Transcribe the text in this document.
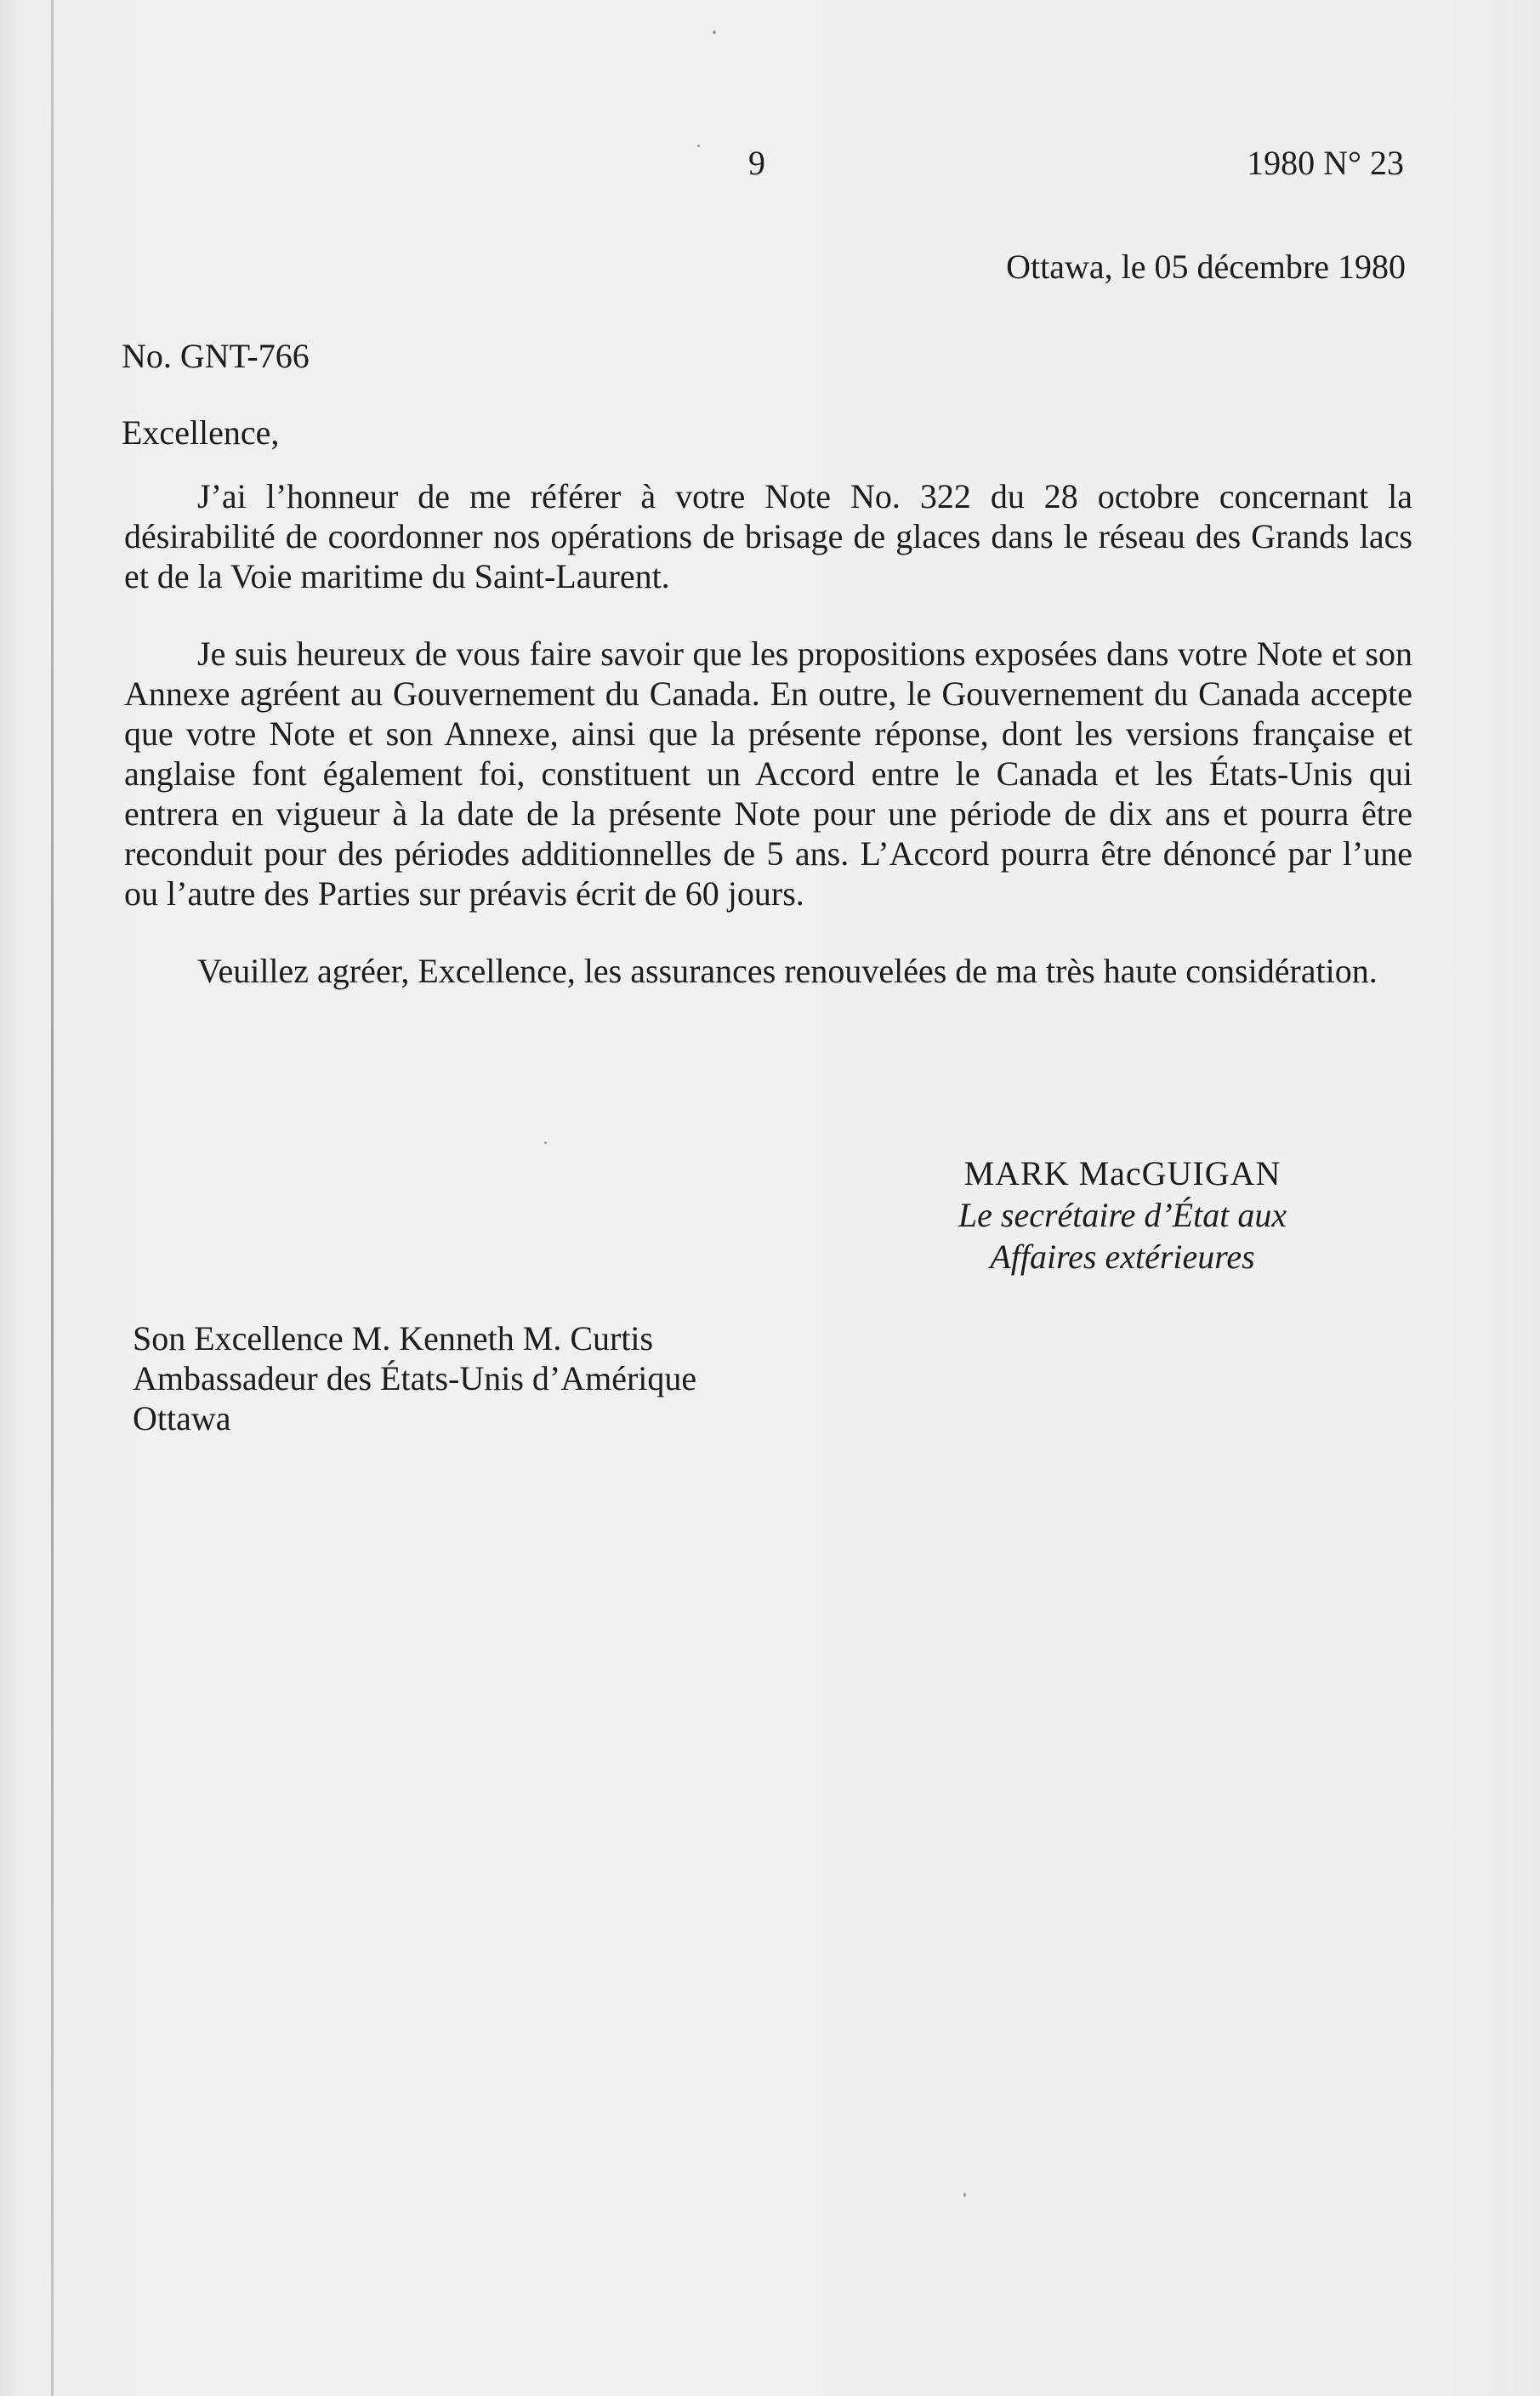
9	1980 N° 23
Ottawa, le 05 décembre 1980
No. GNT-766
Excellence,

J’ai l’honneur de me référer à votre Note No. 322 du 28 octobre concernant la désirabilité de coordonner nos opérations de brisage de glaces dans le réseau des Grands lacs et de la Voie maritime du Saint-Laurent.

Je suis heureux de vous faire savoir que les propositions exposées dans votre Note et son Annexe agréent au Gouvernement du Canada. En outre, le Gouvernement du Canada accepte que votre Note et son Annexe, ainsi que la présente réponse, dont les versions française et anglaise font également foi, constituent un Accord entre le Canada et les États-Unis qui entrera en vigueur à la date de la présente Note pour une période de dix ans et pourra être reconduit pour des périodes additionnelles de 5 ans. L’Accord pourra être dénoncé par l’une ou l’autre des Parties sur préavis écrit de 60 jours.

Veuillez agréer, Excellence, les assurances renouvelées de ma très haute considération.

MARK MacGUIGAN
Le secrétaire d’État aux
Affaires extérieures
Son Excellence M. Kenneth M. Curtis
Ambassadeur des États-Unis d’Amérique
Ottawa
